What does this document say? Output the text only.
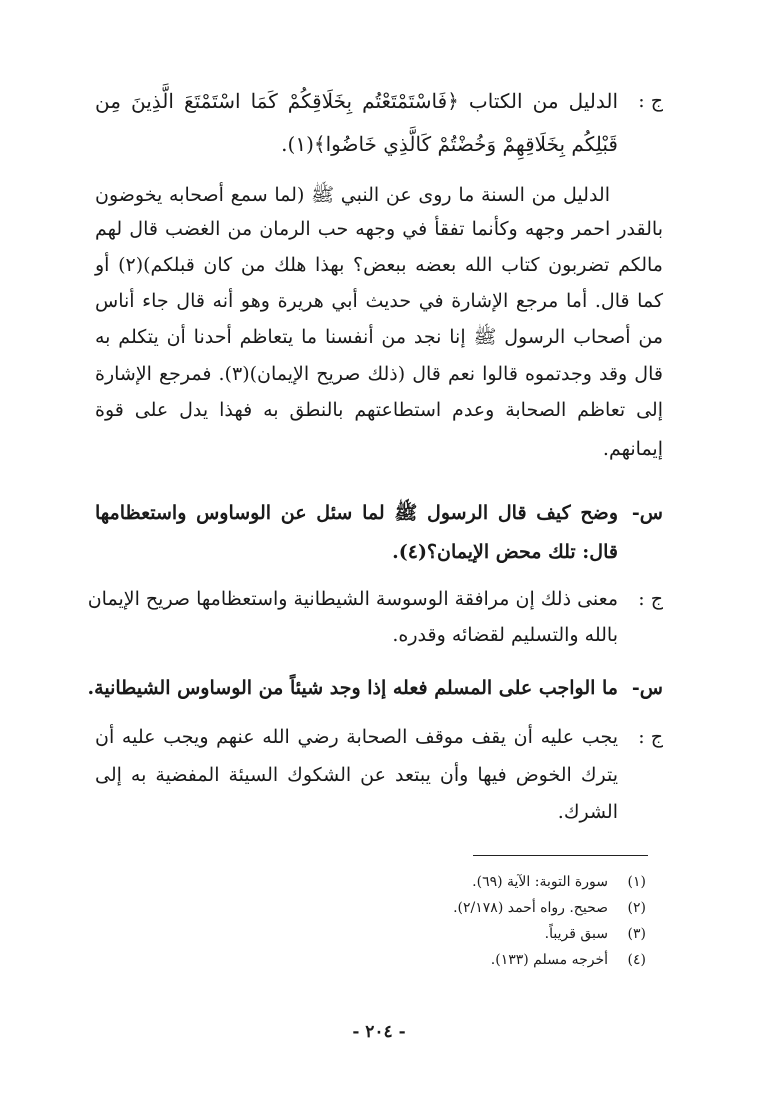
ج :
الدليل من الكتاب ﴿فَاسْتَمْتَعْتُم بِخَلَاقِكُمْ كَمَا اسْتَمْتَعَ الَّذِينَ مِن
قَبْلِكُم بِخَلَاقِهِمْ وَخُضْتُمْ كَالَّذِي خَاضُوا﴾(١).
الدليل من السنة ما روى عن النبي ﷺ (لما سمع أصحابه يخوضون
بالقدر احمر وجهه وكأنما تفقأ في وجهه حب الرمان من الغضب قال لهم
مالكم تضربون كتاب الله بعضه ببعض؟ بهذا هلك من كان قبلكم)(٢) أو
كما قال. أما مرجع الإشارة في حديث أبي هريرة وهو أنه قال جاء أناس
من أصحاب الرسول ﷺ إنا نجد من أنفسنا ما يتعاظم أحدنا أن يتكلم به
قال وقد وجدتموه قالوا نعم قال (ذلك صريح الإيمان)(٣). فمرجع الإشارة
إلى تعاظم الصحابة وعدم استطاعتهم بالنطق به فهذا يدل على قوة
إيمانهم.
س-
وضح كيف قال الرسول ﷺ لما سئل عن الوساوس واستعظامها
قال: تلك محض الإيمان؟(٤).
ج :
معنى ذلك إن مرافقة الوسوسة الشيطانية واستعظامها صريح الإيمان
بالله والتسليم لقضائه وقدره.
س-
ما الواجب على المسلم فعله إذا وجد شيئاً من الوساوس الشيطانية.
ج :
يجب عليه أن يقف موقف الصحابة رضي الله عنهم ويجب عليه أن
يترك الخوض فيها وأن يبتعد عن الشكوك السيئة المفضية به إلى
الشرك.
(١)سورة التوبة: الآية (٦٩).
(٢)صحيح. رواه أحمد (٢/١٧٨).
(٣)سبق قريباً.
(٤)أخرجه مسلم (١٣٣).
- ٢٠٤ -
